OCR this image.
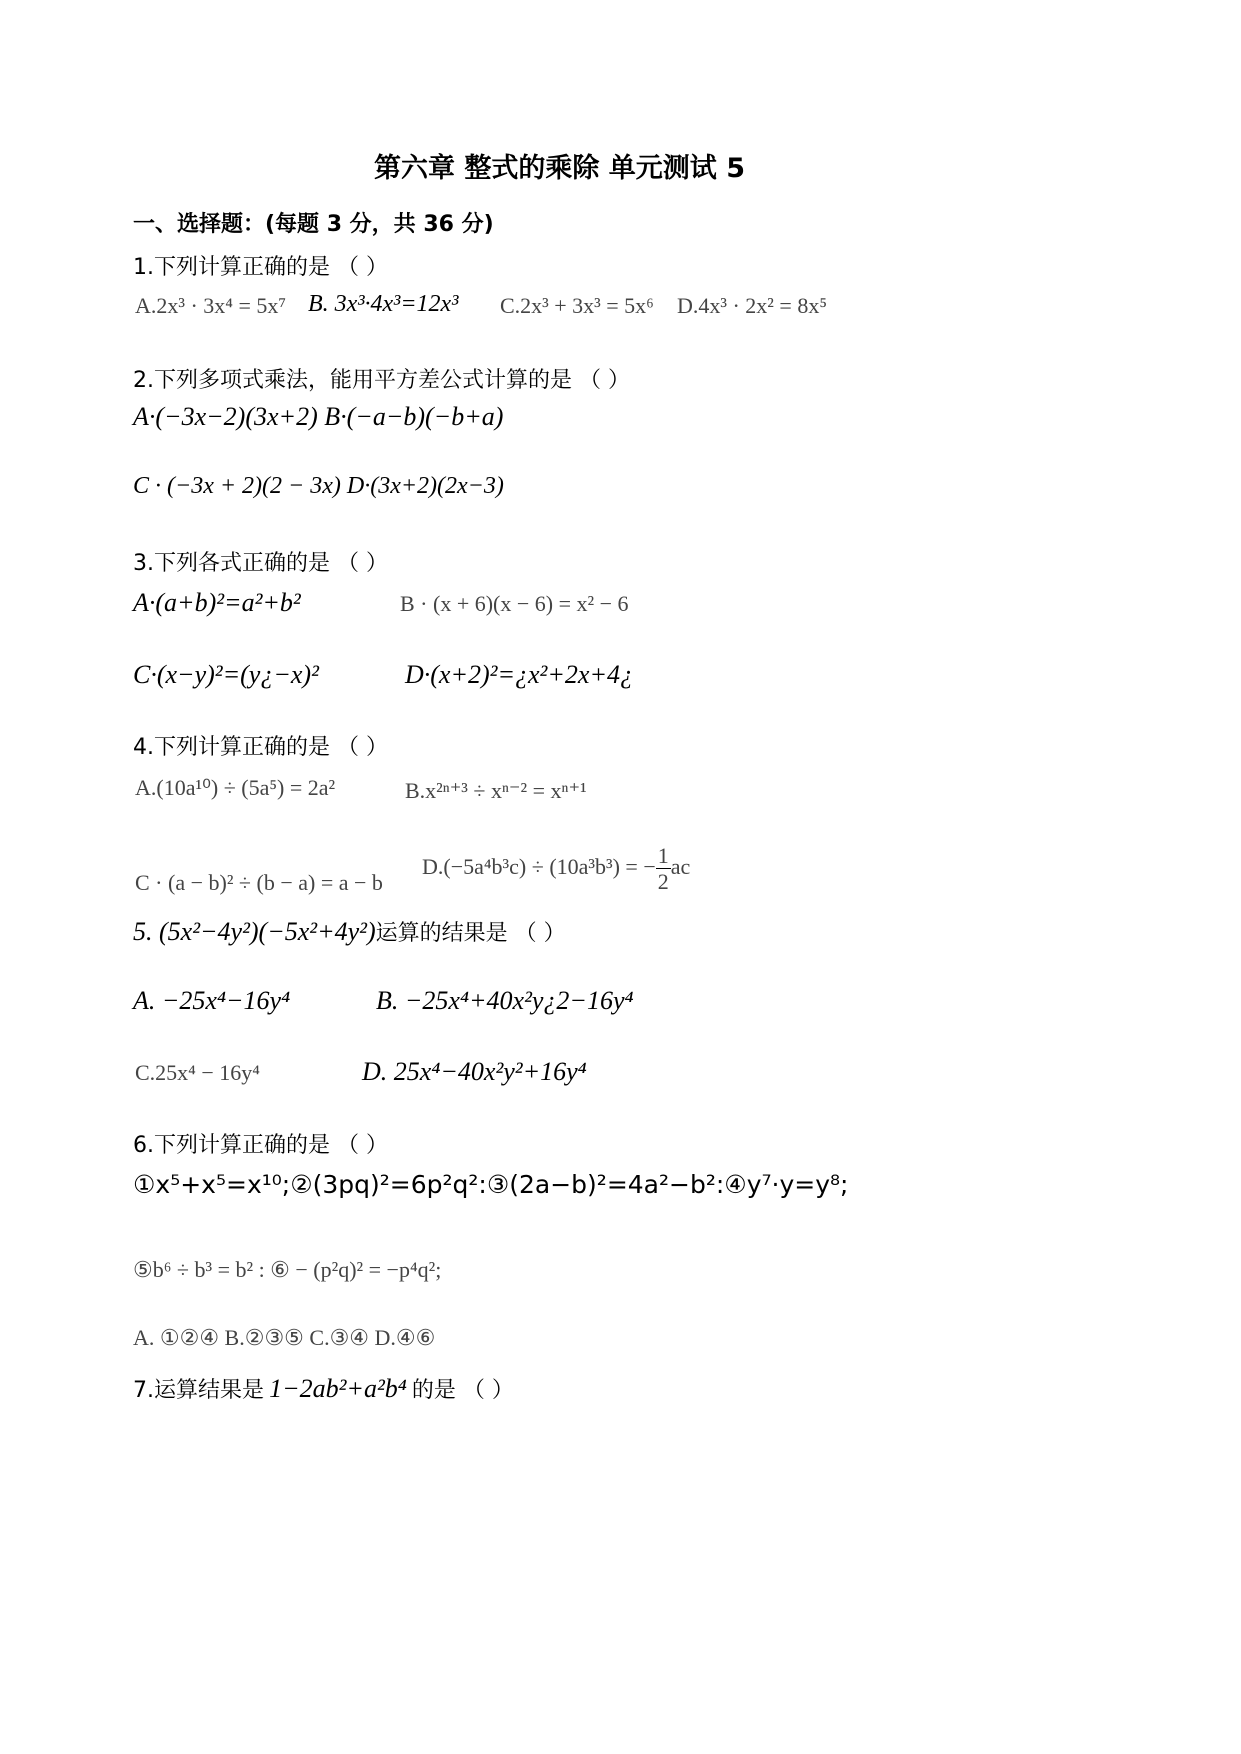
第六章 整式的乘除 单元测试 5
一、选择题：(每题 3 分，共 36 分)
1.下列计算正确的是 （ ）
A.2x³ · 3x⁴ = 5x⁷ B. 3x³·4x³=12x³ C.2x³ + 3x³ = 5x⁶ D.4x³ · 2x² = 8x⁵
2.下列多项式乘法，能用平方差公式计算的是 （ ）
A·(−3x−2)(3x+2) B·(−a−b)(−b+a)
C · (−3x + 2)(2 − 3x) D·(3x+2)(2x−3)
3.下列各式正确的是 （ ）
A·(a+b)²=a²+b²	B · (x + 6)(x − 6) = x² − 6
C·(x−y)²=(y¿−x)²	D·(x+2)²=¿x²+2x+4¿
4.下列计算正确的是 （ ）
A.(10a¹⁰) ÷ (5a⁵) = 2a²	B.x²ⁿ⁺³ ÷ xⁿ⁻² = xⁿ⁺¹
C · (a − b)² ÷ (b − a) = a − b
D.(−5a⁴b³c) ÷ (10a³b³) = − $\frac{1}{2}$ ac
5. (5x²−4y²)(−5x²+4y²)运算的结果是 （ ）
A. −25x⁴−16y⁴	B. −25x⁴+40x²y¿2−16y⁴
C.25x⁴ − 16y⁴	D. 25x⁴−40x²y²+16y⁴
6.下列计算正确的是 （ ）
①x⁵+x⁵=x¹⁰;②(3pq)²=6p²q²:③(2a−b)²=4a²−b²:④y⁷·y=y⁸;
⑤b⁶ ÷ b³ = b² : ⑥ − (p²q)² = −p⁴q²;
A. ①②④ B.②③⑤ C.③④ D.④⑥
7.运算结果是 1−2ab²+a²b⁴ 的是 （ ）
